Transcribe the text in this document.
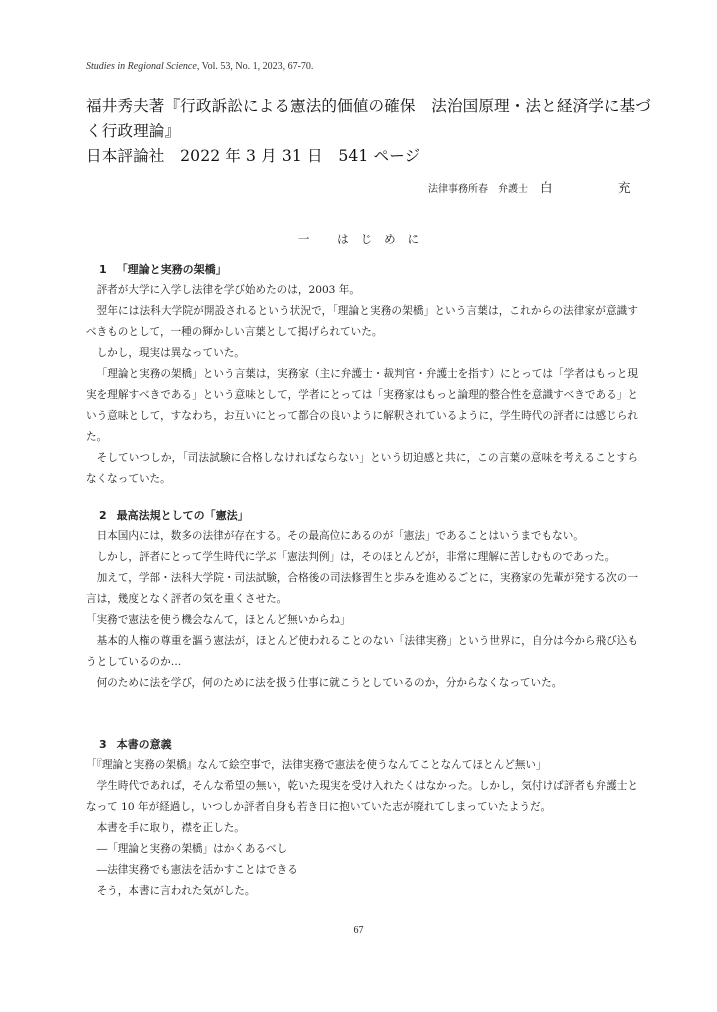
Studies in Regional Science, Vol. 53, No. 1, 2023, 67-70.
福井秀夫著『行政訴訟による憲法的価値の確保　法治国原理・法と経済学に基づ
く行政理論』
日本評論社　2022 年 3 月 31 日　541 ページ
法律事務所春　弁護士 白	充
一 はじめに
1 「理論と実務の架橋」

評者が大学に入学し法律を学び始めたのは，2003 年。

翌年には法科大学院が開設されるという状況で，「理論と実務の架橋」という言葉は，これからの法律家が意識すべきものとして，一種の輝かしい言葉として掲げられていた。

しかし，現実は異なっていた。

「理論と実務の架橋」という言葉は，実務家（主に弁護士・裁判官・弁護士を指す）にとっては「学者はもっと現実を理解すべきである」という意味として，学者にとっては「実務家はもっと論理的整合性を意識すべきである」という意味として，すなわち，お互いにとって都合の良いように解釈されているように，学生時代の評者には感じられた。

そしていつしか，「司法試験に合格しなければならない」という切迫感と共に，この言葉の意味を考えることすらなくなっていた。

2 最高法規としての「憲法」

日本国内には，数多の法律が存在する。その最高位にあるのが「憲法」であることはいうまでもない。

しかし，評者にとって学生時代に学ぶ「憲法判例」は，そのほとんどが，非常に理解に苦しむものであった。

加えて，学部・法科大学院・司法試験，合格後の司法修習生と歩みを進めるごとに，実務家の先輩が発する次の一言は，幾度となく評者の気を重くさせた。

「実務で憲法を使う機会なんて，ほとんど無いからね」

基本的人権の尊重を謳う憲法が，ほとんど使われることのない「法律実務」という世界に，自分は今から飛び込もうとしているのか…

何のために法を学び，何のために法を扱う仕事に就こうとしているのか，分からなくなっていた。

3 本書の意義

「『理論と実務の架橋』なんて絵空事で，法律実務で憲法を使うなんてことなんてほとんど無い」

学生時代であれば，そんな希望の無い，乾いた現実を受け入れたくはなかった。しかし，気付けば評者も弁護士となって 10 年が経過し，いつしか評者自身も若き日に抱いていた志が廃れてしまっていたようだ。

本書を手に取り，襟を正した。

―「理論と実務の架橋」はかくあるべし

―法律実務でも憲法を活かすことはできる

そう，本書に言われた気がした。

67
